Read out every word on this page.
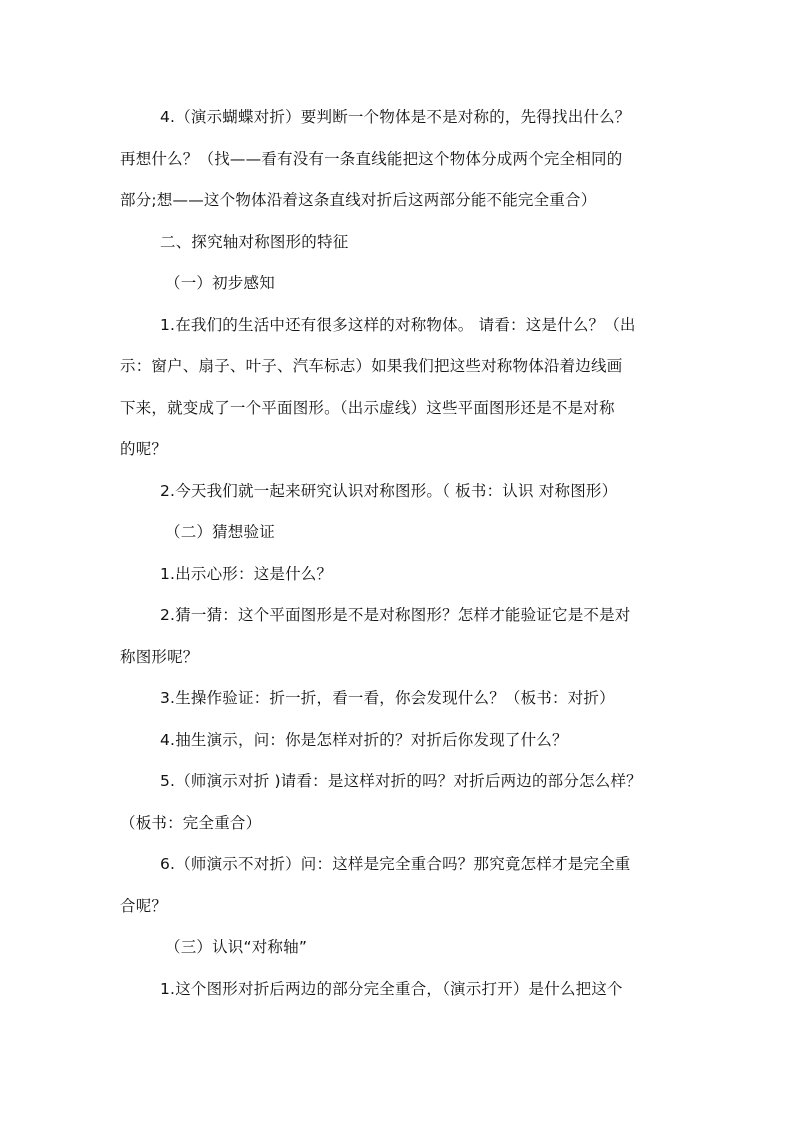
4.（演示蝴蝶对折）要判断一个物体是不是对称的，先得找出什么？
再想什么？（找——看有没有一条直线能把这个物体分成两个完全相同的
部分;想——这个物体沿着这条直线对折后这两部分能不能完全重合）
二、探究轴对称图形的特征
（一）初步感知
1.在我们的生活中还有很多这样的对称物体。 请看：这是什么？（出
示：窗户、扇子、叶子、汽车标志）如果我们把这些对称物体沿着边线画
下来，就变成了一个平面图形。（出示虚线）这些平面图形还是不是对称
的呢？
2.今天我们就一起来研究认识对称图形。（ 板书：认识 对称图形）
（二）猜想验证
1.出示心形：这是什么？
2.猜一猜：这个平面图形是不是对称图形？怎样才能验证它是不是对
称图形呢？
3.生操作验证：折一折，看一看，你会发现什么？（板书：对折）
4.抽生演示，问：你是怎样对折的？对折后你发现了什么？
5.（师演示对折 )请看：是这样对折的吗？对折后两边的部分怎么样？
（板书：完全重合）
6.（师演示不对折）问：这样是完全重合吗？那究竟怎样才是完全重
合呢？
（三）认识“对称轴”
1.这个图形对折后两边的部分完全重合，（演示打开）是什么把这个
